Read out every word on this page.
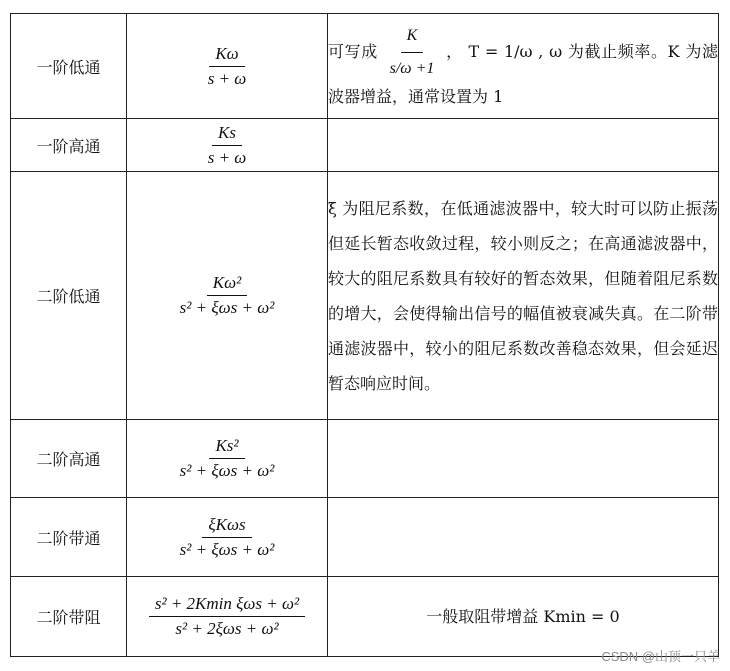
一阶低通	$\frac{K\omega}{s + \omega}$	可写成 $\frac{K}{s/\omega +1}$ ， T = 1/ω , ω 为截止频率。K 为滤波器增益，通常设置为 1
一阶高通	$\frac{Ks}{s + \omega}$

二阶低通	$\frac{\text{Kω²}}{\text{s² + ξωs + ω²}}$	ξ 为阻尼系数，在低通滤波器中，较大时可以防止振荡但延长暂态收敛过程，较小则反之；在高通滤波器中，较大的阻尼系数具有较好的暂态效果，但随着阻尼系数的增大，会使得输出信号的幅值被衰减失真。在二阶带通滤波器中，较小的阻尼系数改善稳态效果，但会延迟暂态响应时间。
二阶高通	$\frac{\text{Ks²}}{\text{s² + ξωs + ω²}}$

二阶带通	$\frac{\text{ξKωs}}{\text{s² + ξωs + ω²}}$

二阶带阻	$\frac{\text{s² + 2Kmin ξωs + ω²}}{\text{s² + 2ξωs + ω²}}$	一般取阻带增益 Kmin = 0
CSDN @山顶一只羊
